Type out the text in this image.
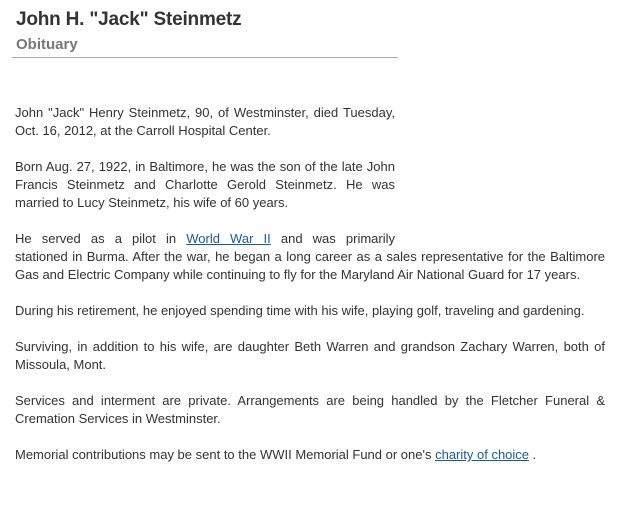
John H. "Jack" Steinmetz
Obituary

John "Jack" Henry Steinmetz, 90, of Westminster, died Tuesday, Oct. 16, 2012, at the Carroll Hospital Center.

Born Aug. 27, 1922, in Baltimore, he was the son of the late John Francis Steinmetz and Charlotte Gerold Steinmetz. He was married to Lucy Steinmetz, his wife of 60 years.

He served as a pilot in World War II and was primarily
stationed in Burma. After the war, he began a long career as a sales representative for the Baltimore Gas and Electric Company while continuing to fly for the Maryland Air National Guard for 17 years.

During his retirement, he enjoyed spending time with his wife, playing golf, traveling and gardening.

Surviving, in addition to his wife, are daughter Beth Warren and grandson Zachary Warren, both of Missoula, Mont.

Services and interment are private. Arrangements are being handled by the Fletcher Funeral & Cremation Services in Westminster.

Memorial contributions may be sent to the WWII Memorial Fund or one's charity of choice .
